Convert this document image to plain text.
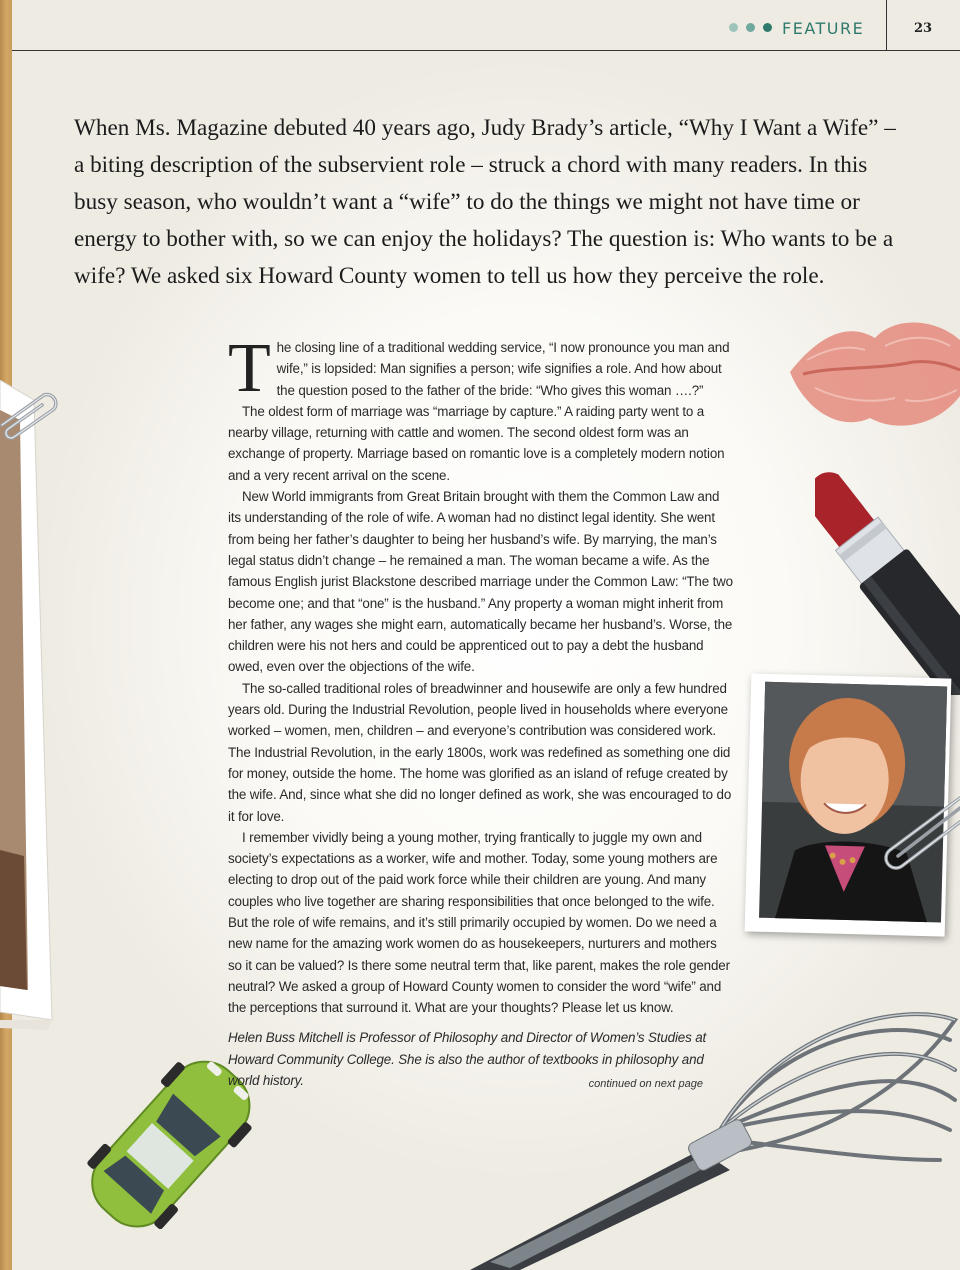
FEATURE	23

When Ms. Magazine debuted 40 years ago, Judy Brady’s article, “Why I Want a Wife” – a biting description of the subservient role – struck a chord with many readers. In this busy season, who wouldn’t want a “wife” to do the things we might not have time or energy to bother with, so we can enjoy the holidays? The question is: Who wants to be a wife? We asked six Howard County women to tell us how they perceive the role.

The closing line of a traditional wedding service, “I now pronounce you man and wife,” is lopsided: Man signifies a person; wife signifies a role. And how about the question posed to the father of the bride: “Who gives this woman ….?”

The oldest form of marriage was “marriage by capture.” A raiding party went to a nearby village, returning with cattle and women. The second oldest form was an exchange of property. Marriage based on romantic love is a completely modern notion and a very recent arrival on the scene.

New World immigrants from Great Britain brought with them the Common Law and its understanding of the role of wife. A woman had no distinct legal identity. She went from being her father’s daughter to being her husband’s wife. By marrying, the man’s legal status didn’t change – he remained a man. The woman became a wife. As the famous English jurist Blackstone described marriage under the Common Law: “The two become one; and that “one” is the husband.” Any property a woman might inherit from her father, any wages she might earn, automatically became her husband’s. Worse, the children were his not hers and could be apprenticed out to pay a debt the husband owed, even over the objections of the wife.

The so-called traditional roles of breadwinner and housewife are only a few hundred years old. During the Industrial Revolution, people lived in households where everyone worked – women, men, children – and everyone’s contribution was considered work. The Industrial Revolution, in the early 1800s, work was redefined as something one did for money, outside the home. The home was glorified as an island of refuge created by the wife. And, since what she did no longer defined as work, she was encouraged to do it for love.

I remember vividly being a young mother, trying frantically to juggle my own and society’s expectations as a worker, wife and mother. Today, some young mothers are electing to drop out of the paid work force while their children are young. And many couples who live together are sharing responsibilities that once belonged to the wife. But the role of wife remains, and it’s still primarily occupied by women. Do we need a new name for the amazing work women do as housekeepers, nurturers and mothers so it can be valued? Is there some neutral term that, like parent, makes the role gender neutral? We asked a group of Howard County women to consider the word “wife” and the perceptions that surround it. What are your thoughts? Please let us know.

Helen Buss Mitchell is Professor of Philosophy and Director of Women’s Studies at Howard Community College. She is also the author of textbooks in philosophy and world history.	continued on next page
